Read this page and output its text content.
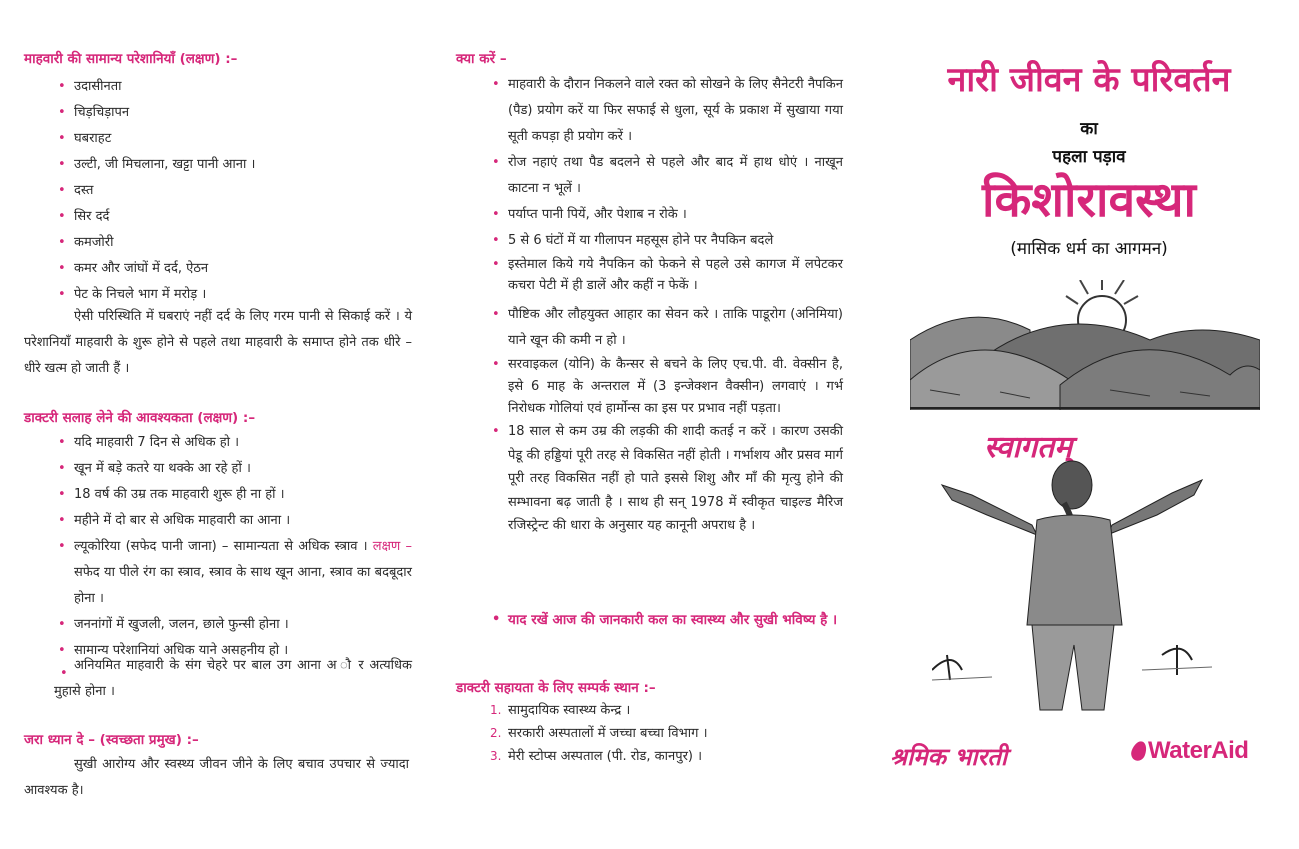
माहवारी की सामान्य परेशानियाँ (लक्षण) :–
• उदासीनता
• चिड़चिड़ापन
• घबराहट
• उल्टी, जी मिचलाना, खट्टा पानी आना ।
• दस्त
• सिर दर्द
• कमजोरी
• कमर और जांघों में दर्द, ऐठन
• पेट के निचले भाग में मरोड़ ।

ऐसी परिस्थिति में घबराएं नहीं दर्द के लिए गरम पानी से सिकाई करें । ये परेशानियाँ माहवारी के शुरू होने से पहले तथा माहवारी के समाप्त होने तक धीरे – धीरे खत्म हो जाती हैं ।

डाक्टरी सलाह लेने की आवश्यकता (लक्षण) :–
• यदि माहवारी 7 दिन से अधिक हो ।
• खून में बड़े कतरे या थक्के आ रहे हों ।
• 18 वर्ष की उम्र तक माहवारी शुरू ही ना हों ।
• महीने में दो बार से अधिक माहवारी का आना ।
• ल्यूकोरिया (सफेद पानी जाना) – सामान्यता से अधिक स्त्राव । लक्षण – सफेद या पीले रंग का स्त्राव, स्त्राव के साथ खून आना, स्त्राव का बदबूदार होना ।
• जननांगों में खुजली, जलन, छाले फुन्सी होना ।
• सामान्य परेशानियां अधिक याने असहनीय हो ।

अनियमित माहवारी के संग चेहरे पर बाल उग आना अ ौ र अत्यधिक मुहासे होना ।

•
जरा ध्यान दे – (स्वच्छता प्रमुख) :–

सुखी आरोग्य और स्वस्थ्य जीवन जीने के लिए बचाव उपचार से ज्यादा आवश्यक है।

क्या करें –
• माहवारी के दौरान निकलने वाले रक्त को सोखने के लिए सैनेटरी नैपकिन (पैड) प्रयोग करें या फिर सफाई से धुला, सूर्य के प्रकाश में सुखाया गया सूती कपड़ा ही प्रयोग करें ।
• रोज नहाएं तथा पैड बदलने से पहले और बाद में हाथ धोएं । नाखून काटना न भूलें ।
• पर्याप्त पानी पियें, और पेशाब न रोके ।
• 5 से 6 घंटों में या गीलापन महसूस होने पर नैपकिन बदले
• इस्तेमाल किये गये नैपकिन को फेकने से पहले उसे कागज में लपेटकर कचरा पेटी में ही डालें और कहीं न फेकें ।
• पौष्टिक और लौहयुक्त आहार का सेवन करे । ताकि पाडूरोग (अनिमिया) याने खून की कमी न हो ।
• सरवाइकल (योनि) के कैन्सर से बचने के लिए एच.पी. वी. वेक्सीन है, इसे 6 माह के अन्तराल में (3 इन्जेक्शन वैक्सीन) लगवाएं । गर्भ निरोधक गोलियां एवं हार्मोन्स का इस पर प्रभाव नहीं पड़ता।
• 18 साल से कम उम्र की लड़की की शादी कतई न करें । कारण उसकी पेडू की हड्डियां पूरी तरह से विकसित नहीं होती । गर्भाशय और प्रसव मार्ग पूरी तरह विकसित नहीं हो पाते इससे शिशु और माँ की मृत्यु होने की सम्भावना बढ़ जाती है । साथ ही सन् 1978 में स्वीकृत चाइल्ड मैरिज रजिस्ट्रेन्ट की धारा के अनुसार यह कानूनी अपराध है ।
• याद रखें आज की जानकारी कल का स्वास्थ्य और सुखी भविष्य है ।
डाक्टरी सहायता के लिए सम्पर्क स्थान :–
1. सामुदायिक स्वास्थ्य केन्द्र ।
2. सरकारी अस्पतालों में जच्चा बच्चा विभाग ।
3. मेरी स्टोप्स अस्पताल (पी. रोड, कानपुर) ।
नारी जीवन के परिवर्तन
का
पहला पड़ाव
किशोरावस्था
(मासिक धर्म का आगमन)
स्वागतम्
श्रमिक भारती	WaterAid
